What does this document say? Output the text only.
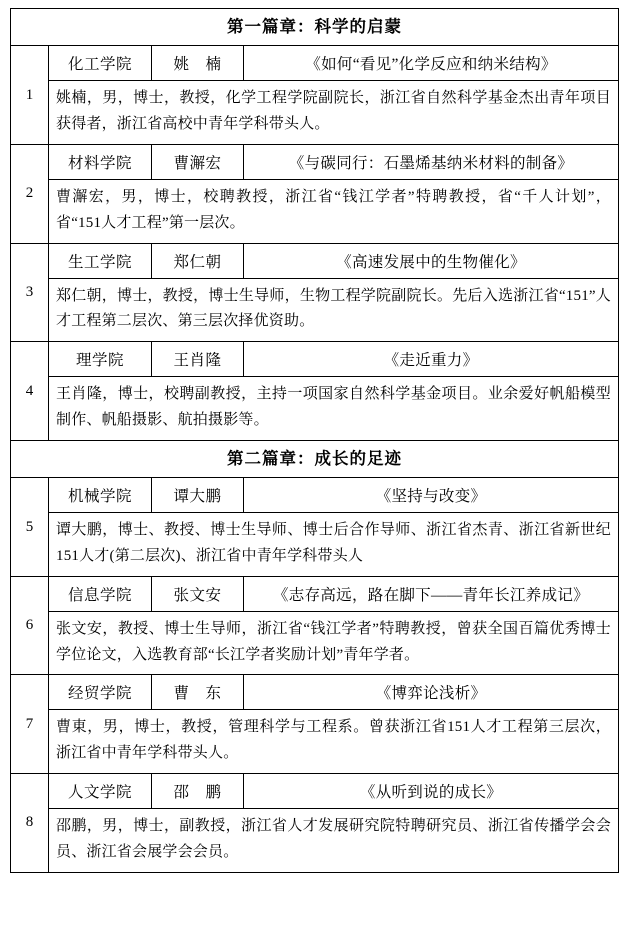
第一篇章：科学的启蒙			
1	化工学院	姚　楠	《如何“看见”化学反应和纳米结构》
	姚楠，男，博士，教授，化学工程学院副院长，浙江省自然科学基金杰出青年项目获得者，浙江省高校中青年学科带头人。		
2	材料学院	曹澥宏	《与碳同行：石墨烯基纳米材料的制备》
	曹澥宏，男，博士，校聘教授，浙江省“钱江学者”特聘教授，省“千人计划”，省“151人才工程”第一层次。		
3	生工学院	郑仁朝	《高速发展中的生物催化》
	郑仁朝，博士，教授，博士生导师，生物工程学院副院长。先后入选浙江省“151”人才工程第二层次、第三层次择优资助。		
4	理学院	王肖隆	《走近重力》
	王肖隆，博士，校聘副教授，主持一项国家自然科学基金项目。业余爱好帆船模型制作、帆船摄影、航拍摄影等。		
第二篇章：成长的足迹			
5	机械学院	谭大鹏	《坚持与改变》
	谭大鹏，博士、教授、博士生导师、博士后合作导师、浙江省杰青、浙江省新世纪151人才(第二层次)、浙江省中青年学科带头人		
6	信息学院	张文安	《志存高远，路在脚下——青年长江养成记》
	张文安，教授、博士生导师，浙江省“钱江学者”特聘教授，曾获全国百篇优秀博士学位论文，入选教育部“长江学者奖励计划”青年学者。		
7	经贸学院	曹　东	《博弈论浅析》
	曹東，男，博士，教授，管理科学与工程系。曾获浙江省151人才工程第三层次，浙江省中青年学科带头人。		
8	人文学院	邵　鹏	《从听到说的成长》
	邵鹏，男，博士，副教授，浙江省人才发展研究院特聘研究员、浙江省传播学会会员、浙江省会展学会会员。		
